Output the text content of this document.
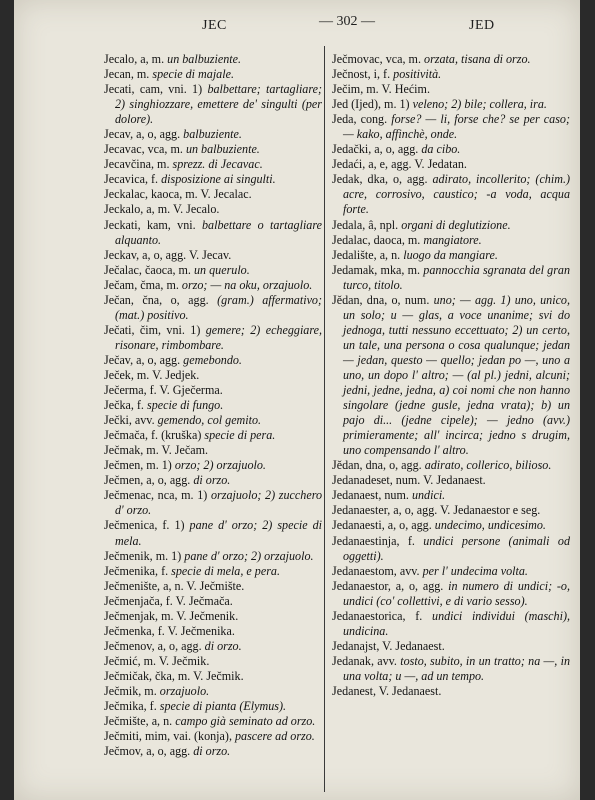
JEC	— 302 —	JED

Jecalo, a, m. un balbuziente.

Jecan, m. specie di majale.

Jecati, cam, vni. 1) balbettare; tartagliare; 2) singhiozzare, emettere de' singulti (per dolore).

Jecav, a, o, agg. balbuziente.

Jecavac, vca, m. un balbuziente.

Jecavčina, m. sprezz. di Jecavac.

Jecavica, f. disposizione ai singulti.

Jeckalac, kaoca, m. V. Jecalac.

Jeckalo, a, m. V. Jecalo.

Jeckati, kam, vni. balbettare o tartagliare alquanto.

Jeckav, a, o, agg. V. Jecav.

Ječalac, čaoca, m. un querulo.

Ječam, čma, m. orzo; — na oku, orzajuolo.

Ječan, čna, o, agg. (gram.) affermativo; (mat.) positivo.

Ječati, čim, vni. 1) gemere; 2) echeggiare, risonare, rimbombare.

Ječav, a, o, agg. gemebondo.

Ječek, m. V. Jedjek.

Ječerma, f. V. Gječerma.

Ječka, f. specie di fungo.

Ječki, avv. gemendo, col gemito.

Ječmača, f. (kruška) specie di pera.

Ječmak, m. V. Ječam.

Ječmen, m. 1) orzo; 2) orzajuolo.

Ječmen, a, o, agg. di orzo.

Ječmenac, nca, m. 1) orzajuolo; 2) zucchero d' orzo.

Ječmenica, f. 1) pane d' orzo; 2) specie di mela.

Ječmenik, m. 1) pane d' orzo; 2) orzajuolo.

Ječmenika, f. specie di mela, e pera.

Ječmenište, a, n. V. Ječmište.

Ječmenjača, f. V. Ječmača.

Ječmenjak, m. V. Ječmenik.

Ječmenka, f. V. Ječmenika.

Ječmenov, a, o, agg. di orzo.

Ječmić, m. V. Ječmik.

Ječmičak, čka, m. V. Ječmik.

Ječmik, m. orzajuolo.

Ječmika, f. specie di pianta (Elymus).

Ječmište, a, n. campo già seminato ad orzo.

Ječmiti, mim, vai. (konja), pascere ad orzo.

Ječmov, a, o, agg. di orzo.

Ječmovac, vca, m. orzata, tisana di orzo.

Ječnost, i, f. positività.

Ječim, m. V. Hećim.

Jed (Ijed), m. 1) veleno; 2) bile; collera, ira.

Jeda, cong. forse? — li, forse che? se per caso; — kako, affinchè, onde.

Jedački, a, o, agg. da cibo.

Jedaći, a, e, agg. V. Jedatan.

Jedak, dka, o, agg. adirato, incollerito; (chim.) acre, corrosivo, caustico; -a voda, acqua forte.

Jedala, â, npl. organi di deglutizione.

Jedalac, daoca, m. mangiatore.

Jedalište, a, n. luogo da mangiare.

Jedamak, mka, m. pannocchia sgranata del gran turco, titolo.

Jědan, dna, o, num. uno; — agg. 1) uno, unico, un solo; u — glas, a voce unanime; svi do jednoga, tutti nessuno eccettuato; 2) un certo, un tale, una persona o cosa qualunque; jedan — jedan, questo — quello; jedan po —, uno a uno, un dopo l' altro; — (al pl.) jedni, alcuni; jedni, jedne, jedna, a) coi nomi che non hanno singolare (jedne gusle, jedna vrata); b) un pajo di... (jedne cipele); — jedno (avv.) primieramente; all' incirca; jedno s drugim, uno compensando l' altro.

Jědan, dna, o, agg. adirato, collerico, bilioso.

Jedanadeset, num. V. Jedanaest.

Jedanaest, num. undici.

Jedanaester, a, o, agg. V. Jedanaestor e seg.

Jedanaesti, a, o, agg. undecimo, undicesimo.

Jedanaestinja, f. undici persone (animali od oggetti).

Jedanaestom, avv. per l' undecima volta.

Jedanaestor, a, o, agg. in numero di undici; -o, undici (co' collettivi, e di vario sesso).

Jedanaestorica, f. undici individui (maschi), undicina.

Jedanajst, V. Jedanaest.

Jedanak, avv. tosto, subito, in un tratto; na —, in una volta; u —, ad un tempo.

Jedanest, V. Jedanaest.
